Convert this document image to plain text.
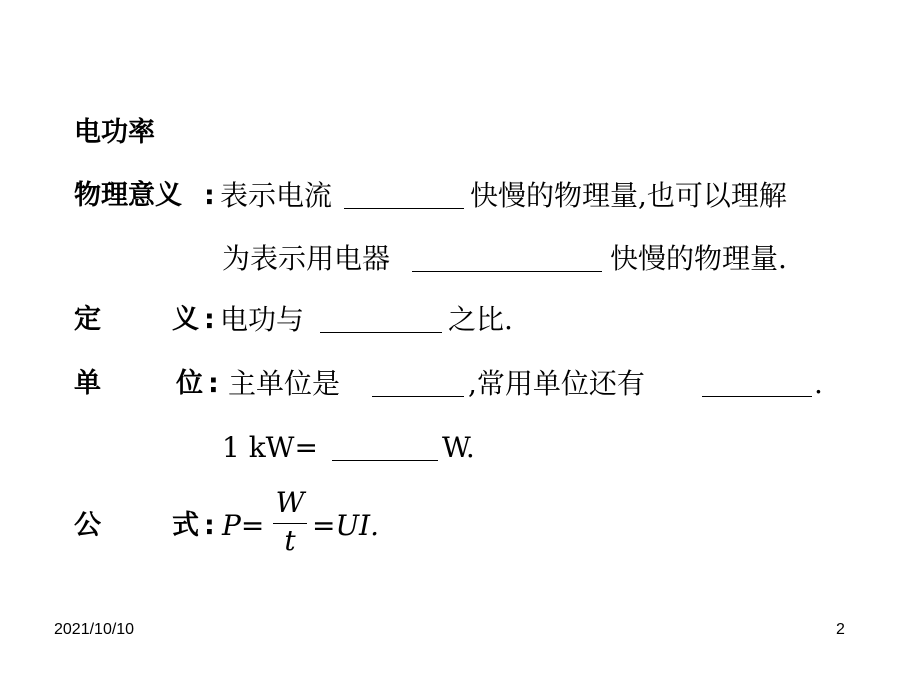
电功率
物理意义 : 表示电流	快慢的物理量,也可以理解
为表示用电器	快慢的物理量.
定	义 : 电功与	之比.
单	位 : 主单位是	,常用单位还有	.
1 kW=	W.
公	式 : P= =UI.
W
t
2021/10/10	2
